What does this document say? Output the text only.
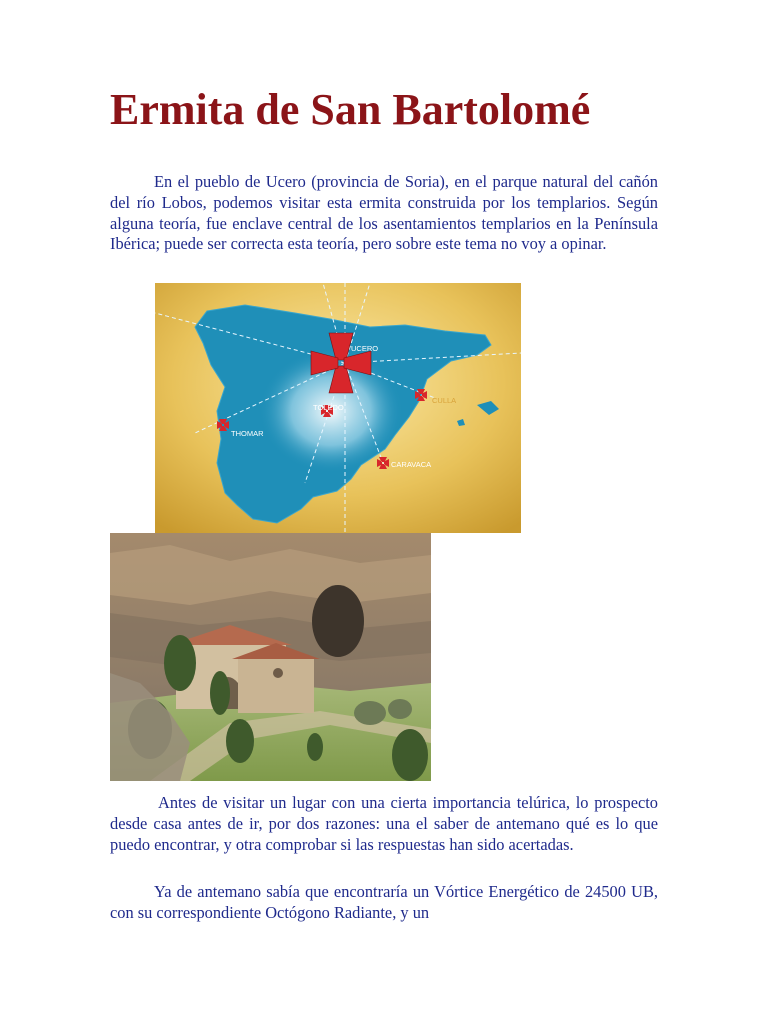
Ermita de San Bartolomé

En el pueblo de Ucero (provincia de Soria), en el parque natural del cañón del río Lobos, podemos visitar esta ermita construida por los templarios. Según alguna teoría, fue enclave central de los asentamientos templarios en la Península Ibérica; puede ser correcta esta teoría, pero sobre este tema no voy a opinar.

UCERO
CULLA
TOLEDO
THOMAR
CARAVACA

Antes de visitar un lugar con una cierta importancia telúrica, lo prospecto desde casa antes de ir, por dos razones: una el saber de antemano qué es lo que puedo encontrar, y otra comprobar si las respuestas han sido acertadas.

Ya de antemano sabía que encontraría un Vórtice Energético de 24500 UB, con su correspondiente Octógono Radiante, y un
